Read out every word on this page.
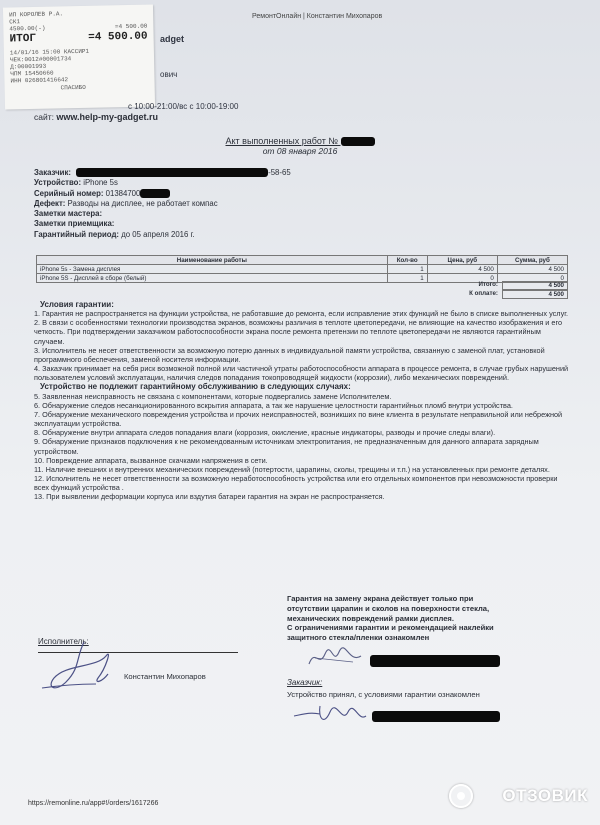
РемонтОнлайн | Константин Михопаров
ИП КОРОЛЕВ Р.А.
СК1
4500.00(-)	=4 500.00
ИТОГ	=4 500.00
14/01/16 15:00 КАССИР1
ЧЕК:0012#00001734
Д:00001993
ЧПМ 15450660
ИНН 026801416642
СПАСИБО
adget
ович
с 10:00-21:00/вс с 10:00-19:00
сайт: www.help-my-gadget.ru
Акт выполненных работ №
от 08 января 2016
Заказчик:	-58-65
Устройство: iPhone 5s
Серийный номер: 01384700
Дефект: Разводы на дисплее, не работает компас
Заметки мастера:
Заметки приемщика:
Гарантийный период: до 05 апреля 2016 г.
Наименование работы	Кол-во	Цена, руб	Сумма, руб
iPhone 5s - Замена дисплея	1	4 500	4 500
iPhone 5S - Дисплей в сборе (белый)	1	0	0
Итого:	4 500
К оплате:	4 500

Условия гарантии:

1. Гарантия не распространяется на функции устройства, не работавшие до ремонта, если исправление этих функций не было в списке выполненных услуг.

2. В связи с особенностями технологии производства экранов, возможны различия в теплоте цветопередачи, не влияющие на качество изображения и его четкость. При подтверждении заказчиком работоспособности экрана после ремонта претензии по теплоте цветопередачи не являются гарантийным случаем.

3. Исполнитель не несет ответственности за возможную потерю данных в индивидуальной памяти устройства, связанную с заменой плат, установкой программного обеспечения, заменой носителя информации.

4. Заказчик принимает на себя риск возможной полной или частичной утраты работоспособности аппарата в процессе ремонта, в случае грубых нарушений пользователем условий эксплуатации, наличия следов попадания токопроводящей жидкости (коррозии), либо механических повреждений.

Устройство не подлежит гарантийному обслуживанию в следующих случаях:

5. Заявленная неисправность не связана с компонентами, которые подвергались замене Исполнителем.

6. Обнаружение следов несанкционированного вскрытия аппарата, а так же нарушение целостности гарантийных пломб внутри устройства.

7. Обнаружение механического повреждения устройства и прочих неисправностей, возникших по вине клиента в результате неправильной или небрежной эксплуатации устройства.

8. Обнаружение внутри аппарата следов попадания влаги (коррозия, окисление, красные индикаторы, разводы и прочие следы влаги).

9. Обнаружение признаков подключения к не рекомендованным источникам электропитания, не предназначенным для данного аппарата зарядным устройством.

10. Повреждение аппарата, вызванное скачками напряжения в сети.

11. Наличие внешних и внутренних механических повреждений (потертости, царапины, сколы, трещины и т.п.) на установленных при ремонте деталях.

12. Исполнитель не несет ответственности за возможную неработоспособность устройства или его отдельных компонентов при невозможности проверки всех функций устройства .

13. При выявлении деформации корпуса или вздутия батареи гарантия на экран не распространяется.

Гарантия на замену экрана действует только при
отсутствии царапин и сколов на поверхности стекла,
механических повреждений рамки дисплея.
С ограничениями гарантии и рекомендацией наклейки
защитного стекла/пленки ознакомлен
Исполнитель:
Константин Михопаров
Заказчик:
Устройство принял, с условиями гарантии ознакомлен
https://remonline.ru/app#!/orders/1617266	ОТЗОВИК
